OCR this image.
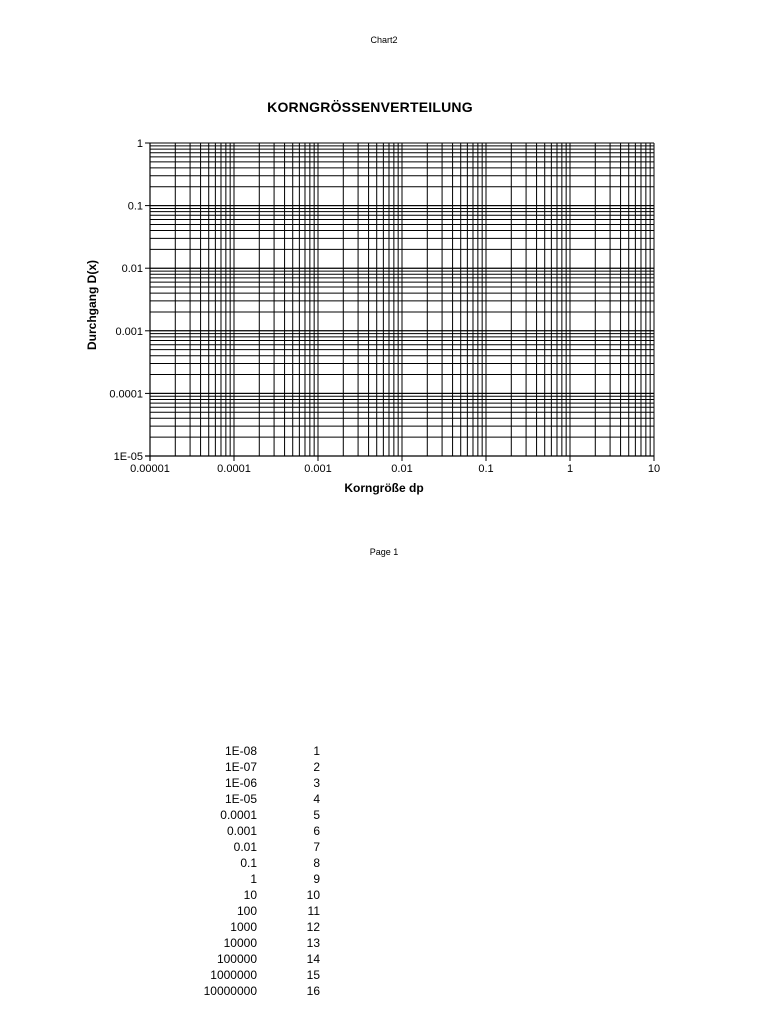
Chart2
KORNGRÖSSENVERTEILUNG
0.00001	0.0001	0.001	0.01	0.1	1	10
1E-05
0.0001
0.001
0.01
0.1
1
Korngröße dp
Durchgang D(x)
Page 1
1E-08	1
1E-07	2
1E-06	3
1E-05	4
0.0001	5
0.001	6
0.01	7
0.1	8
1	9
10	10
100	11
1000	12
10000	13
100000	14
1000000	15
10000000	16
